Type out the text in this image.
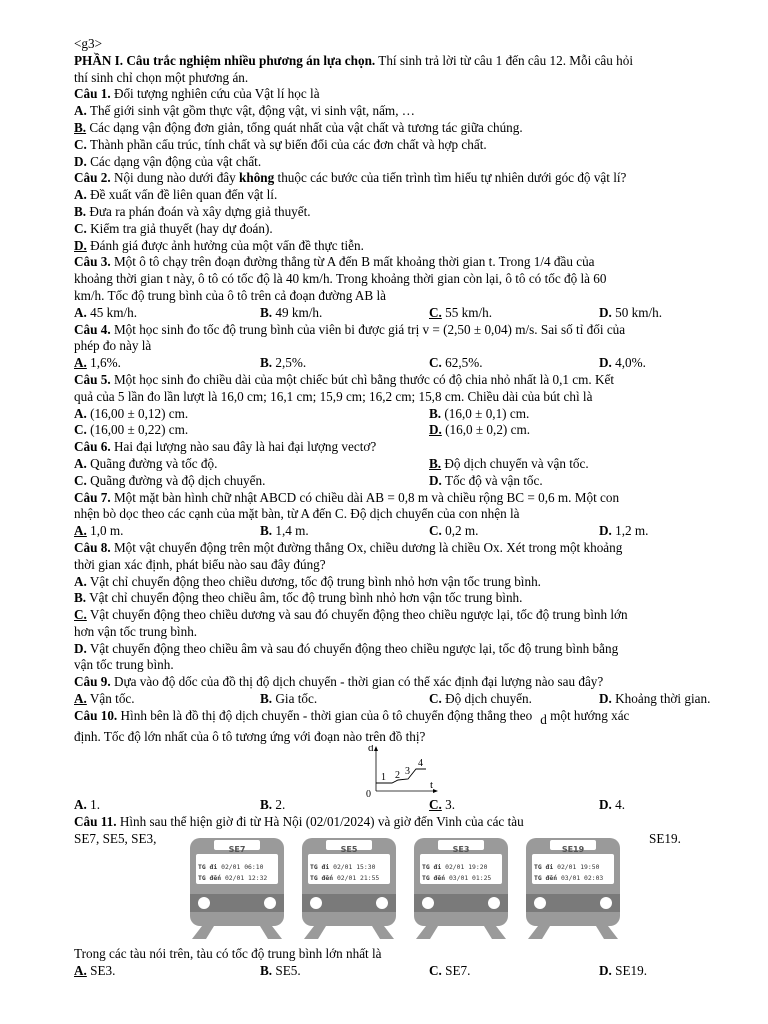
<g3>
PHẦN I. Câu trắc nghiệm nhiều phương án lựa chọn. Thí sinh trả lời từ câu 1 đến câu 12. Mỗi câu hỏi
thí sinh chỉ chọn một phương án.
Câu 1. Đối tượng nghiên cứu của Vật lí học là
A. Thế giới sinh vật gồm thực vật, động vật, vi sinh vật, nấm, …
B. Các dạng vận động đơn giản, tổng quát nhất của vật chất và tương tác giữa chúng.
C. Thành phần cấu trúc, tính chất và sự biến đổi của các đơn chất và hợp chất.
D. Các dạng vận động của vật chất.
Câu 2. Nội dung nào dưới đây không thuộc các bước của tiến trình tìm hiểu tự nhiên dưới góc độ vật lí?
A. Đề xuất vấn đề liên quan đến vật lí.
B. Đưa ra phán đoán và xây dựng giả thuyết.
C. Kiểm tra giả thuyết (hay dự đoán).
D. Đánh giá được ảnh hưởng của một vấn đề thực tiễn.
Câu 3. Một ô tô chạy trên đoạn đường thẳng từ A đến B mất khoảng thời gian t. Trong 1/4 đầu của
khoảng thời gian t này, ô tô có tốc độ là 40 km/h. Trong khoảng thời gian còn lại, ô tô có tốc độ là 60
km/h. Tốc độ trung bình của ô tô trên cả đoạn đường AB là
A. 45 km/h.	B. 49 km/h.	C. 55 km/h.	D. 50 km/h.
Câu 4. Một học sinh đo tốc độ trung bình của viên bi được giá trị v = (2,50 ± 0,04) m/s. Sai số tỉ đối của
phép đo này là
A. 1,6%.	B. 2,5%.	C. 62,5%.	D. 4,0%.
Câu 5. Một học sinh đo chiều dài của một chiếc bút chì bằng thước có độ chia nhỏ nhất là 0,1 cm. Kết
quả của 5 lần đo lần lượt là 16,0 cm; 16,1 cm; 15,9 cm; 16,2 cm; 15,8 cm. Chiều dài của bút chì là
A. (16,00 ± 0,12) cm.	B. (16,0 ± 0,1) cm.
C. (16,00 ± 0,22) cm.	D. (16,0 ± 0,2) cm.
Câu 6. Hai đại lượng nào sau đây là hai đại lượng vectơ?
A. Quãng đường và tốc độ.	B. Độ dịch chuyển và vận tốc.
C. Quãng đường và độ dịch chuyển.	D. Tốc độ và vận tốc.
Câu 7. Một mặt bàn hình chữ nhật ABCD có chiều dài AB = 0,8 m và chiều rộng BC = 0,6 m. Một con
nhện bò dọc theo các cạnh của mặt bàn, từ A đến C. Độ dịch chuyển của con nhện là
A. 1,0 m.	B. 1,4 m.	C. 0,2 m.	D. 1,2 m.
Câu 8. Một vật chuyển động trên một đường thẳng Ox, chiều dương là chiều Ox. Xét trong một khoảng
thời gian xác định, phát biểu nào sau đây đúng?
A. Vật chỉ chuyển động theo chiều dương, tốc độ trung bình nhỏ hơn vận tốc trung bình.
B. Vật chỉ chuyển động theo chiều âm, tốc độ trung bình nhỏ hơn vận tốc trung bình.
C. Vật chuyển động theo chiều dương và sau đó chuyển động theo chiều ngược lại, tốc độ trung bình lớn
hơn vận tốc trung bình.
D. Vật chuyển động theo chiều âm và sau đó chuyển động theo chiều ngược lại, tốc độ trung bình bằng
vận tốc trung bình.
Câu 9. Dựa vào độ dốc của đồ thị độ dịch chuyển - thời gian có thể xác định đại lượng nào sau đây?
A. Vận tốc.	B. Gia tốc.	C. Độ dịch chuyển.	D. Khoảng thời gian.
Câu 10. Hình bên là đồ thị độ dịch chuyển - thời gian của ô tô chuyển động thẳng theo d một hướng xác
định. Tốc độ lớn nhất của ô tô tương ứng với đoạn nào trên đồ thị?
d
t
0
1 2 3
4
A. 1.	B. 2.	C. 3.	D. 4.
Câu 11. Hình sau thể hiện giờ đi từ Hà Nội (02/01/2024) và giờ đến Vinh của các tàu
SE7, SE5, SE3,	SE19.
SE7
TG đi 02/01 06:10
TG đến 02/01 12:32
SE5
TG đi 02/01 15:30
TG đến 02/01 21:55
SE3
TG đi 02/01 19:20
TG đến 03/01 01:25
SE19
TG đi 02/01 19:50
TG đến 03/01 02:03
Trong các tàu nói trên, tàu có tốc độ trung bình lớn nhất là
A. SE3.	B. SE5.	C. SE7.	D. SE19.
